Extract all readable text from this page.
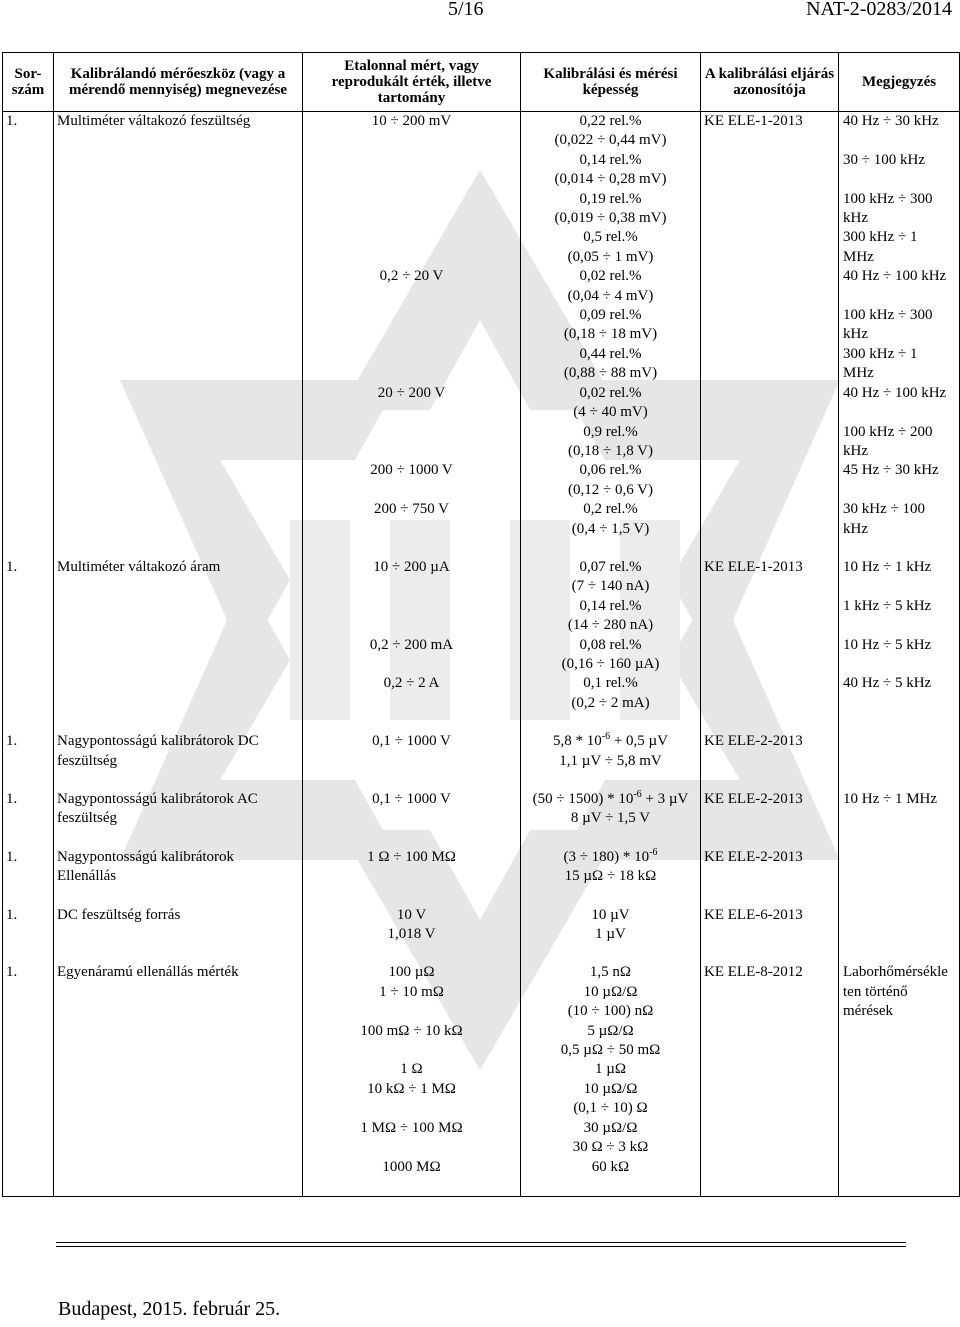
5/16	NAT-2-0283/2014
Sor-szám	Kalibrálandó mérőeszköz (vagy a mérendő mennyiség) megnevezése	Etalonnal mért, vagy reprodukált érték, illetve tartomány	Kalibrálási és mérési képesség	A kalibrálási eljárás azonosítója	Megjegyzés
1.	Multiméter váltakozó feszültség	10 ÷ 200 mV	0,22 rel.%	KE ELE-1-2013	40 Hz ÷ 30 kHz
			(0,022 ÷ 0,44 mV)		
			0,14 rel.%		30 ÷ 100 kHz
			(0,014 ÷ 0,28 mV)		
			0,19 rel.%		100 kHz ÷ 300
			(0,019 ÷ 0,38 mV)		kHz
			0,5 rel.%		300 kHz ÷ 1
			(0,05 ÷ 1 mV)		MHz
		0,2 ÷ 20 V	0,02 rel.%		40 Hz ÷ 100 kHz
			(0,04 ÷ 4 mV)		
			0,09 rel.%		100 kHz ÷ 300
			(0,18 ÷ 18 mV)		kHz
			0,44 rel.%		300 kHz ÷ 1
			(0,88 ÷ 88 mV)		MHz
		20 ÷ 200 V	0,02 rel.%		40 Hz ÷ 100 kHz
			(4 ÷ 40 mV)		
			0,9 rel.%		100 kHz ÷ 200
			(0,18 ÷ 1,8 V)		kHz
		200 ÷ 1000 V	0,06 rel.%		45 Hz ÷ 30 kHz
			(0,12 ÷ 0,6 V)		
		200 ÷ 750 V	0,2 rel.%		30 kHz ÷ 100
			(0,4 ÷ 1,5 V)		kHz

1.	Multiméter váltakozó áram	10 ÷ 200 µA	0,07 rel.%	KE ELE-1-2013	10 Hz ÷ 1 kHz
			(7 ÷ 140 nA)		
			0,14 rel.%		1 kHz ÷ 5 kHz
			(14 ÷ 280 nA)		
		0,2 ÷ 200 mA	0,08 rel.%		10 Hz ÷ 5 kHz
			(0,16 ÷ 160 µA)		
		0,2 ÷ 2 A	0,1 rel.%		40 Hz ÷ 5 kHz
			(0,2 ÷ 2 mA)		

1.	Nagypontosságú kalibrátorok DC	0,1 ÷ 1000 V	$5,8 * 10^{-6} + 0,5$ µV	KE ELE-2-2013	
	feszültség		1,1 µV ÷ 5,8 mV		

1.	Nagypontosságú kalibrátorok AC	0,1 ÷ 1000 V	$(50 \div 1500) * 10^{-6} + 3$ µV	KE ELE-2-2013	10 Hz ÷ 1 MHz
	feszültség		8 µV ÷ 1,5 V		

1.	Nagypontosságú kalibrátorok	1 Ω ÷ 100 MΩ	$(3 \div 180) * 10^{-6}$	KE ELE-2-2013	
	Ellenállás		15 µΩ ÷ 18 kΩ		

1.	DC feszültség forrás	10 V	10 µV	KE ELE-6-2013	
		1,018 V	1 µV		

1.	Egyenáramú ellenállás mérték	100 µΩ	1,5 nΩ	KE ELE-8-2012	Laborhőmérsékle
		1 ÷ 10 mΩ	10 µΩ/Ω		ten történő
			(10 ÷ 100) nΩ		mérések
		100 mΩ ÷ 10 kΩ	5 µΩ/Ω		
			0,5 µΩ ÷ 50 mΩ		
		1 Ω	1 µΩ		
		10 kΩ ÷ 1 MΩ	10 µΩ/Ω		
			(0,1 ÷ 10) Ω		
		1 MΩ ÷ 100 MΩ	30 µΩ/Ω		
			30 Ω ÷ 3 kΩ		
		1000 MΩ	60 kΩ		

Budapest, 2015. február 25.
